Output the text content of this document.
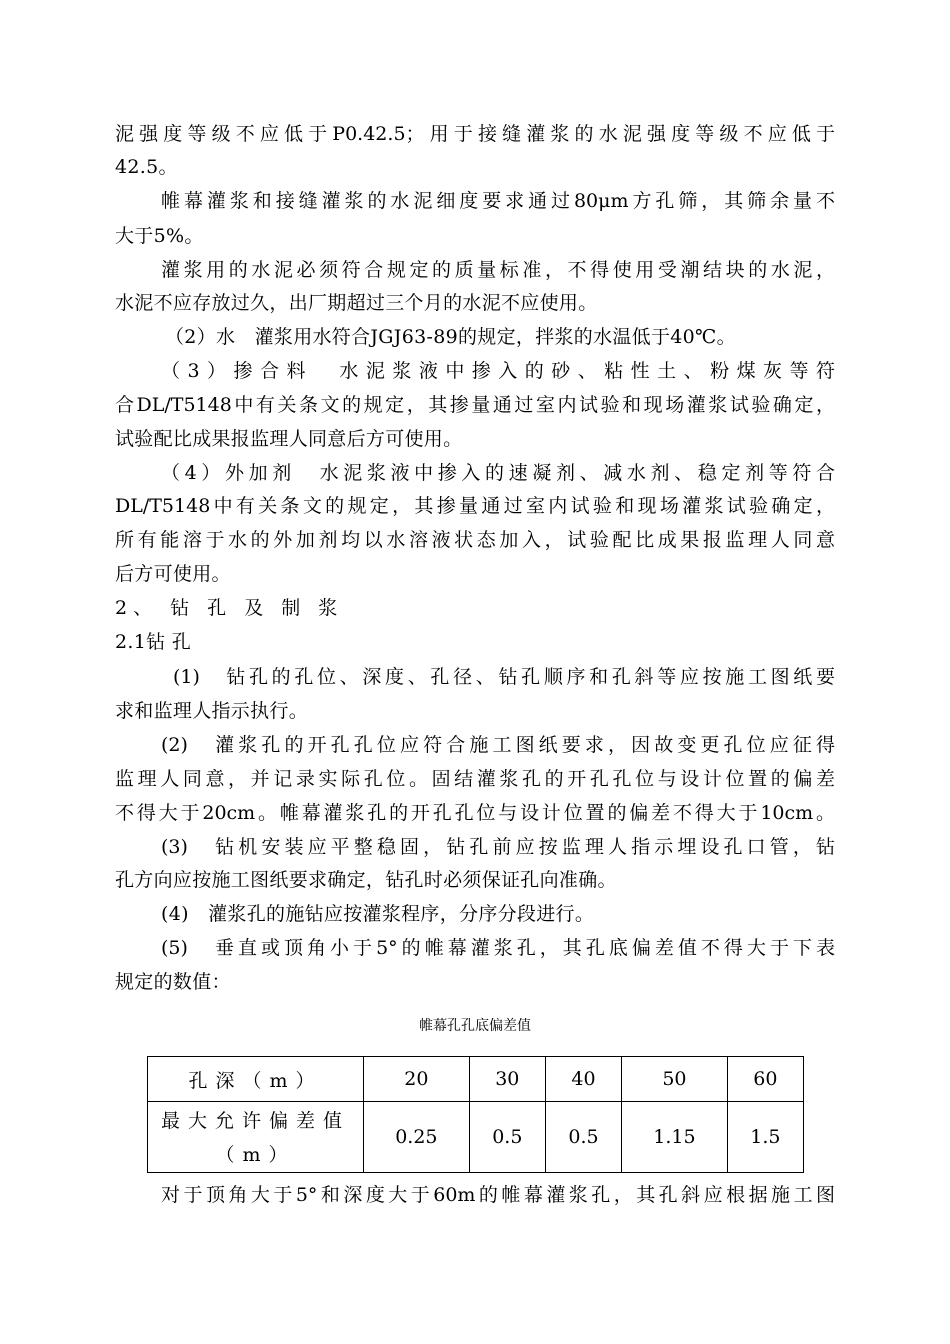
泥强度等级不应低于P0.42.5；用于接缝灌浆的水泥强度等级不应低于
42.5。
帷幕灌浆和接缝灌浆的水泥细度要求通过80μm方孔筛，其筛余量不
大于5%。
灌浆用的水泥必须符合规定的质量标准，不得使用受潮结块的水泥，
水泥不应存放过久，出厂期超过三个月的水泥不应使用。
（2）水　灌浆用水符合JGJ63-89的规定，拌浆的水温低于40℃。
（3）掺合料　水泥浆液中掺入的砂、粘性土、粉煤灰等符
合DL/T5148中有关条文的规定，其掺量通过室内试验和现场灌浆试验确定，
试验配比成果报监理人同意后方可使用。
（4）外加剂　水泥浆液中掺入的速凝剂、减水剂、稳定剂等符合
DL/T5148中有关条文的规定，其掺量通过室内试验和现场灌浆试验确定，
所有能溶于水的外加剂均以水溶液状态加入，试验配比成果报监理人同意
后方可使用。
2、 钻 孔 及 制 浆
2.1钻 孔
(1)　钻孔的孔位、深度、孔径、钻孔顺序和孔斜等应按施工图纸要
求和监理人指示执行。
(2)　灌浆孔的开孔孔位应符合施工图纸要求，因故变更孔位应征得
监理人同意，并记录实际孔位。固结灌浆孔的开孔孔位与设计位置的偏差
不得大于20cm。帷幕灌浆孔的开孔孔位与设计位置的偏差不得大于10cm。
(3)　钻机安装应平整稳固，钻孔前应按监理人指示埋设孔口管，钻
孔方向应按施工图纸要求确定，钻孔时必须保证孔向准确。
(4)　灌浆孔的施钻应按灌浆程序，分序分段进行。
(5)　垂直或顶角小于5°的帷幕灌浆孔，其孔底偏差值不得大于下表
规定的数值：
帷幕孔孔底偏差值
孔深（m）	20	30	40	50	60
最大允许偏差值（m）	0.25	0.5	0.5	1.15	1.5
对于顶角大于5°和深度大于60m的帷幕灌浆孔，其孔斜应根据施工图
